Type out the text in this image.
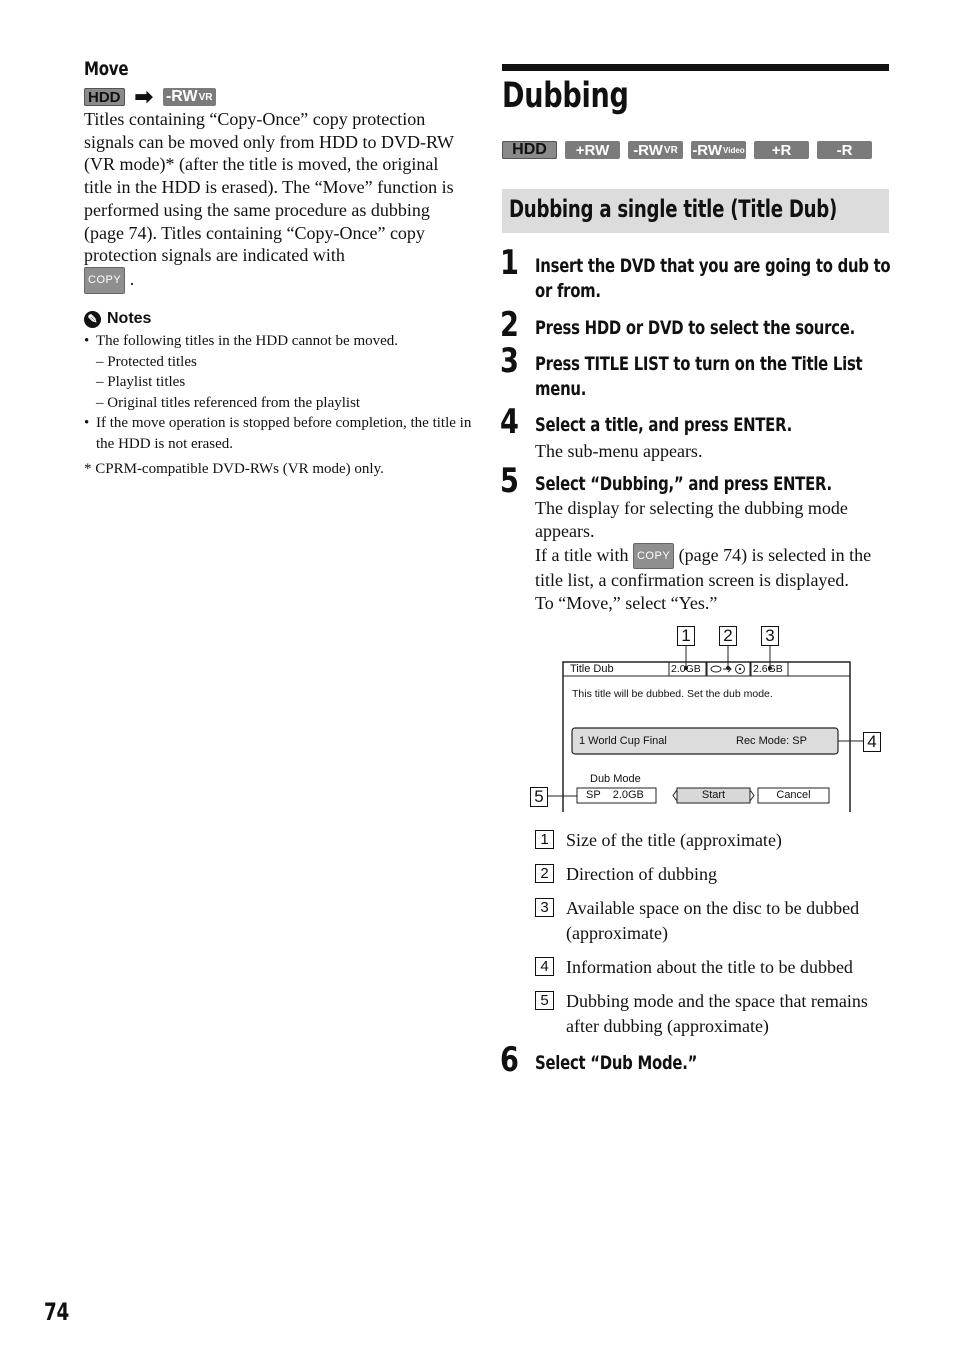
Move
HDD ➡ -RW VR
Titles containing “Copy-Once” copy protection signals can be moved only from HDD to DVD-RW (VR mode)* (after the title is moved, the original title in the HDD is erased). The “Move” function is performed using the same procedure as dubbing (page 74). Titles containing “Copy-Once” copy protection signals are indicated with
COPY .
✎ Notes
• The following titles in the HDD cannot be moved.
– Protected titles
– Playlist titles
– Original titles referenced from the playlist
• If the move operation is stopped before completion, the title in the HDD is not erased.
* CPRM-compatible DVD-RWs (VR mode) only.
Dubbing
HDD +RW -RW VR -RW Video +R	-R
Dubbing a single title (Title Dub)
1 Insert the DVD that you are going to dub to
or from.
2 Press HDD or DVD to select the source.
3 Press TITLE LIST to turn on the Title List
menu.
4 Select a title, and press ENTER.
The sub-menu appears.
5 Select “Dubbing,” and press ENTER.
The display for selecting the dubbing mode appears.
If a title with COPY (page 74) is selected in the title list, a confirmation screen is displayed.
To “Move,” select “Yes.”
1 2 3
4
5
Title Dub	2.0GB	2.6GB
This title will be dubbed. Set the dub mode.
1 World Cup Final	Rec Mode: SP
Dub Mode
SP    2.0GB	Start	Cancel
1 Size of the title (approximate)
2 Direction of dubbing
3 Available space on the disc to be dubbed (approximate)
4 Information about the title to be dubbed
5 Dubbing mode and the space that remains after dubbing (approximate)
6 Select “Dub Mode.”
74
